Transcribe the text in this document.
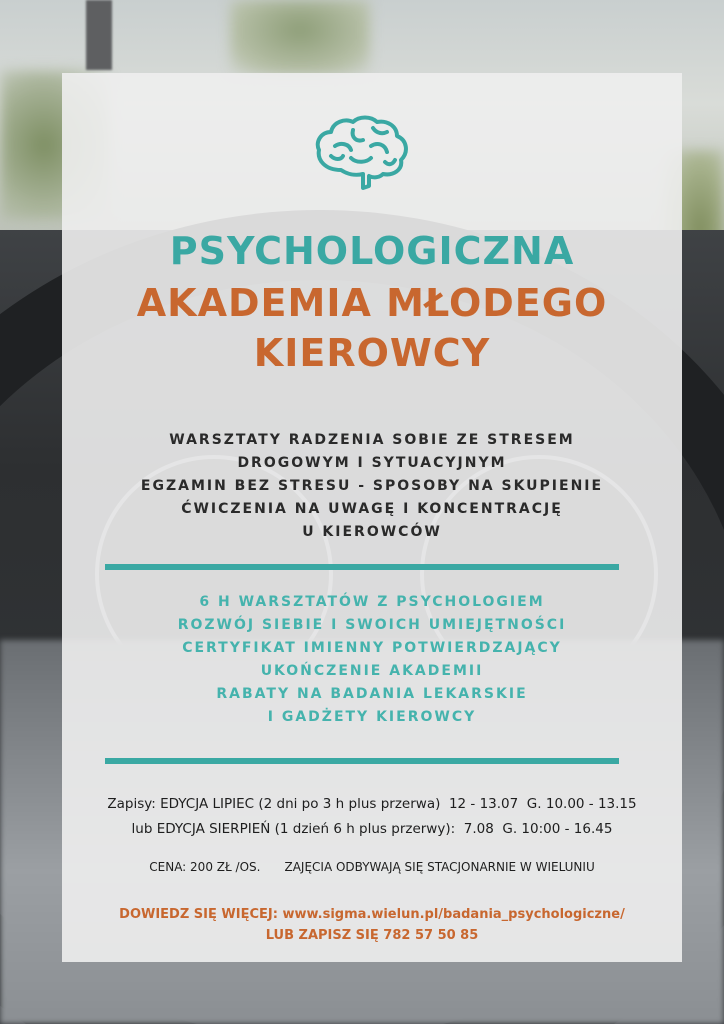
PSYCHOLOGICZNA
AKADEMIA MŁODEGO
KIEROWCY
WARSZTATY RADZENIA SOBIE ZE STRESEM
DROGOWYM I SYTUACYJNYM
EGZAMIN BEZ STRESU - SPOSOBY NA SKUPIENIE
ĆWICZENIA NA UWAGĘ I KONCENTRACJĘ
U KIEROWCÓW
6 H WARSZTATÓW Z PSYCHOLOGIEM
ROZWÓJ SIEBIE I SWOICH UMIEJĘTNOŚCI
CERTYFIKAT IMIENNY POTWIERDZAJĄCY
UKOŃCZENIE AKADEMII
RABATY NA BADANIA LEKARSKIE
I GADŻETY KIEROWCY
Zapisy: EDYCJA LIPIEC (2 dni po 3 h plus przerwa)  12 - 13.07  G. 10.00 - 13.15
lub EDYCJA SIERPIEŃ (1 dzień 6 h plus przerwy):  7.08  G. 10:00 - 16.45
CENA: 200 ZŁ /OS. ZAJĘCIA ODBYWAJĄ SIĘ STACJONARNIE W WIELUNIU
DOWIEDZ SIĘ WIĘCEJ: www.sigma.wielun.pl/badania_psychologiczne/
LUB ZAPISZ SIĘ 782 57 50 85
